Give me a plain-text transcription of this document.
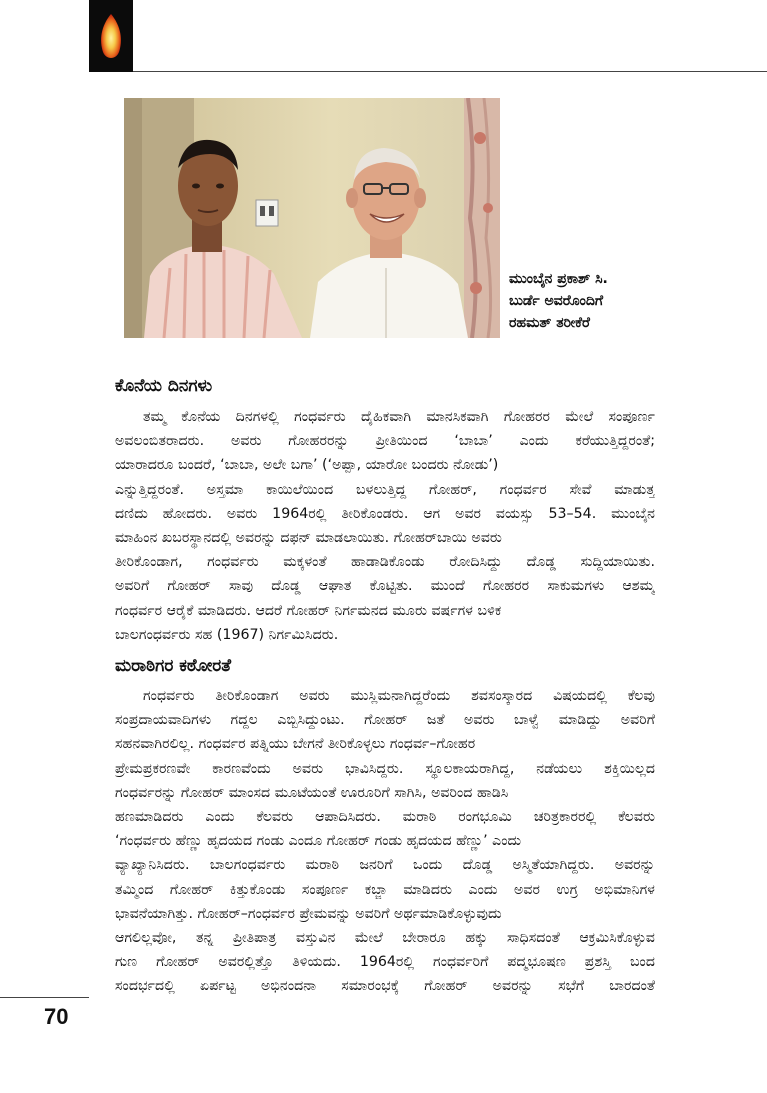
ಮುಂಬೈನ ಪ್ರಕಾಶ್ ಸಿ.
ಬುರ್ಡೆ ಅವರೊಂದಿಗೆ
ರಹಮತ್ ತರೀಕೆರೆ
ಕೊನೆಯ ದಿನಗಳು
ತಮ್ಮ ಕೊನೆಯ ದಿನಗಳಲ್ಲಿ ಗಂಧರ್ವರು ದೈಹಿಕವಾಗಿ ಮಾನಸಿಕವಾಗಿ ಗೋಹರರ ಮೇಲೆ ಸಂಪೂರ್ಣ
ಅವಲಂಬಿತರಾದರು. ಅವರು ಗೋಹರರನ್ನು ಪ್ರೀತಿಯಿಂದ ‘ಬಾಬಾ’ ಎಂದು ಕರೆಯುತ್ತಿದ್ದರಂತೆ;
ಯಾರಾದರೂ ಬಂದರೆ, ‘ಬಾಬಾ, ಅಲೇ ಬಗಾ’ (‘ಅಪ್ಪಾ, ಯಾರೋ ಬಂದರು ನೋಡು’)
ಎನ್ನುತ್ತಿದ್ದರಂತೆ. ಅಸ್ತಮಾ ಕಾಯಿಲೆಯಿಂದ ಬಳಲುತ್ತಿದ್ದ ಗೋಹರ್, ಗಂಧರ್ವರ ಸೇವೆ ಮಾಡುತ್ತ
ದಣಿದು ಹೋದರು. ಅವರು 1964ರಲ್ಲಿ ತೀರಿಕೊಂಡರು. ಆಗ ಅವರ ವಯಸ್ಸು 53–54. ಮುಂಬೈನ
ಮಾಹಿಂನ ಖಬರಸ್ಥಾನದಲ್ಲಿ ಅವರನ್ನು ದಫನ್ ಮಾಡಲಾಯಿತು. ಗೋಹರ್‌ಬಾಯಿ ಅವರು
ತೀರಿಕೊಂಡಾಗ, ಗಂಧರ್ವರು ಮಕ್ಕಳಂತೆ ಹಾಡಾಡಿಕೊಂಡು ರೋದಿಸಿದ್ದು ದೊಡ್ಡ ಸುದ್ದಿಯಾಯಿತು.
ಅವರಿಗೆ ಗೋಹರ್ ಸಾವು ದೊಡ್ಡ ಆಘಾತ ಕೊಟ್ಟಿತು. ಮುಂದೆ ಗೋಹರರ ಸಾಕುಮಗಳು ಆಶಮ್ಮ
ಗಂಧರ್ವರ ಆರೈಕೆ ಮಾಡಿದರು. ಆದರೆ ಗೋಹರ್ ನಿರ್ಗಮನದ ಮೂರು ವರ್ಷಗಳ ಬಳಿಕ
ಬಾಲಗಂಧರ್ವರು ಸಹ (1967) ನಿರ್ಗಮಿಸಿದರು.
ಮರಾಠಿಗರ ಕಠೋರತೆ
ಗಂಧರ್ವರು ತೀರಿಕೊಂಡಾಗ ಅವರು ಮುಸ್ಲಿಮನಾಗಿದ್ದರೆಂದು ಶವಸಂಸ್ಕಾರದ ವಿಷಯದಲ್ಲಿ ಕೆಲವು
ಸಂಪ್ರದಾಯವಾದಿಗಳು ಗದ್ದಲ ಎಬ್ಬಿಸಿದ್ದುಂಟು. ಗೋಹರ್ ಜತೆ ಅವರು ಬಾಳ್ವೆ ಮಾಡಿದ್ದು ಅವರಿಗೆ
ಸಹನವಾಗಿರಲಿಲ್ಲ. ಗಂಧರ್ವರ ಪತ್ನಿಯು ಬೇಗನೆ ತೀರಿಕೊಳ್ಳಲು ಗಂಧರ್ವ–ಗೋಹರ
ಪ್ರೇಮಪ್ರಕರಣವೇ ಕಾರಣವೆಂದು ಅವರು ಭಾವಿಸಿದ್ದರು. ಸ್ಥೂಲಕಾಯರಾಗಿದ್ದ, ನಡೆಯಲು ಶಕ್ತಿಯಿಲ್ಲದ
ಗಂಧರ್ವರನ್ನು ಗೋಹರ್ ಮಾಂಸದ ಮೂಟೆಯಂತೆ ಊರೂರಿಗೆ ಸಾಗಿಸಿ, ಅವರಿಂದ ಹಾಡಿಸಿ
ಹಣಮಾಡಿದರು ಎಂದು ಕೆಲವರು ಆಪಾದಿಸಿದರು. ಮರಾಠಿ ರಂಗಭೂಮಿ ಚರಿತ್ರಕಾರರಲ್ಲಿ ಕೆಲವರು
‘ಗಂಧರ್ವರು ಹೆಣ್ಣು ಹೃದಯದ ಗಂಡು ಎಂದೂ ಗೋಹರ್ ಗಂಡು ಹೃದಯದ ಹೆಣ್ಣು’ ಎಂದು
ವ್ಯಾಖ್ಯಾನಿಸಿದರು. ಬಾಲಗಂಧರ್ವರು ಮರಾಠಿ ಜನರಿಗೆ ಒಂದು ದೊಡ್ಡ ಅಸ್ಮಿತೆಯಾಗಿದ್ದರು. ಅವರನ್ನು
ತಮ್ಮಿಂದ ಗೋಹರ್ ಕಿತ್ತುಕೊಂಡು ಸಂಪೂರ್ಣ ಕಬ್ಜಾ ಮಾಡಿದರು ಎಂದು ಅವರ ಉಗ್ರ ಅಭಿಮಾನಿಗಳ
ಭಾವನೆಯಾಗಿತ್ತು. ಗೋಹರ್–ಗಂಧರ್ವರ ಪ್ರೇಮವನ್ನು ಅವರಿಗೆ ಅರ್ಥಮಾಡಿಕೊಳ್ಳುವುದು
ಆಗಲಿಲ್ಲವೋ, ತನ್ನ ಪ್ರೀತಿಪಾತ್ರ ವಸ್ತುವಿನ ಮೇಲೆ ಬೇರಾರೂ ಹಕ್ಕು ಸಾಧಿಸದಂತೆ ಆಕ್ರಮಿಸಿಕೊಳ್ಳುವ
ಗುಣ ಗೋಹರ್ ಅವರಲ್ಲಿತ್ತೊ ತಿಳಿಯದು. 1964ರಲ್ಲಿ ಗಂಧರ್ವರಿಗೆ ಪದ್ಮಭೂಷಣ ಪ್ರಶಸ್ತಿ ಬಂದ
ಸಂದರ್ಭದಲ್ಲಿ ಏರ್ಪಟ್ಟ ಅಭಿನಂದನಾ ಸಮಾರಂಭಕ್ಕೆ ಗೋಹರ್ ಅವರನ್ನು ಸಭೆಗೆ ಬಾರದಂತೆ
70
